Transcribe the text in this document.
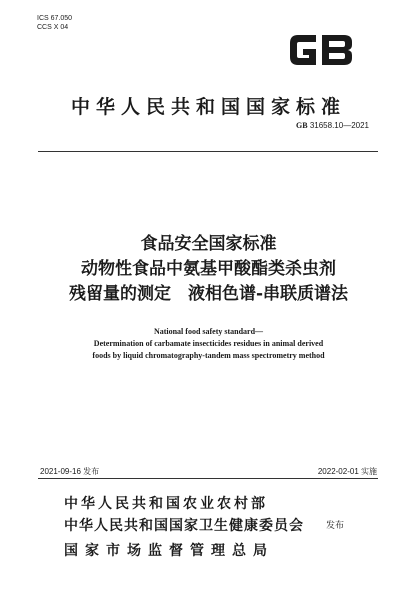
ICS 67.050
CCS X 04
GB
中华人民共和国国家标准
GB 31658.10—2021
食品安全国家标准
动物性食品中氨基甲酸酯类杀虫剂
残留量的测定　液相色谱-串联质谱法
National food safety standard—
Determination of carbamate insecticides residues in animal derived
foods by liquid chromatography-tandem mass spectrometry method
2021-09-16 发布	2022-02-01 实施
中华人民共和国农业农村部
中华人民共和国国家卫生健康委员会
国家市场监督管理总局
发布
